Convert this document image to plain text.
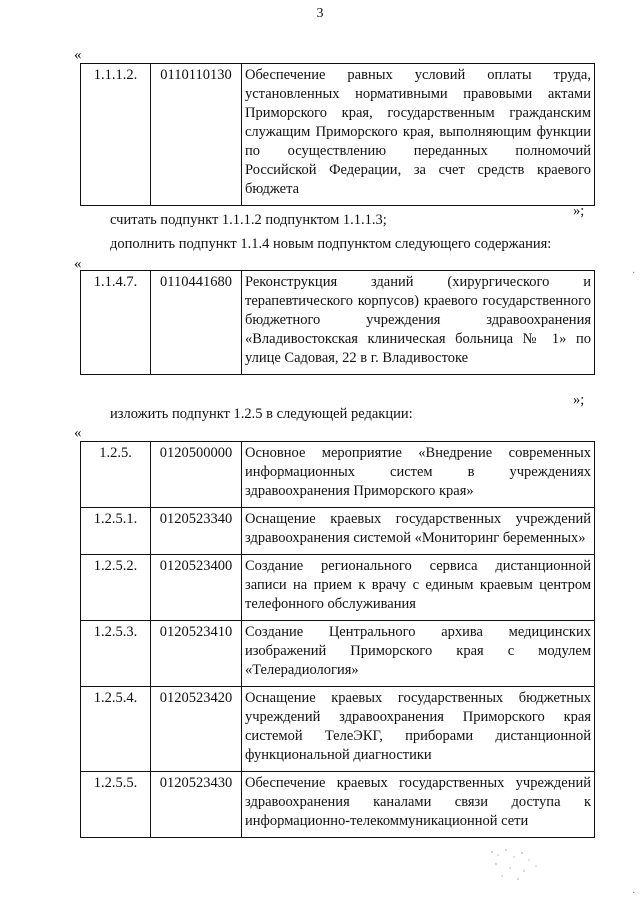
3
«
1.1.1.2.	0110110130	Обеспечение равных условий оплаты труда, установленных нормативными правовыми актами Приморского края, государственным гражданским служащим Приморского края, выполняющим функции по осуществлению переданных полномочий Российской Федерации, за счет средств краевого бюджета
»;
считать подпункт 1.1.1.2 подпунктом 1.1.1.3;
дополнить подпункт 1.1.4 новым подпунктом следующего содержания:
«
1.1.4.7.	0110441680	Реконструкция зданий (хирургического и терапевтического корпусов) краевого государственного бюджетного учреждения здравоохранения «Владивостокская клиническая больница № 1» по улице Садовая, 22 в г. Владивостоке
»;
изложить подпункт 1.2.5 в следующей редакции:
«
1.2.5.	0120500000	Основное мероприятие «Внедрение современных информационных систем в учреждениях здравоохранения Приморского края»
1.2.5.1.	0120523340	Оснащение краевых государственных учреждений здравоохранения системой «Мониторинг беременных»
1.2.5.2.	0120523400	Создание регионального сервиса дистанционной записи на прием к врачу с единым краевым центром телефонного обслуживания
1.2.5.3.	0120523410	Создание Центрального архива медицинских изображений Приморского края с модулем «Телерадиология»
1.2.5.4.	0120523420	Оснащение краевых государственных бюджетных учреждений здравоохранения Приморского края системой ТелеЭКГ, приборами дистанционной функциональной диагностики
1.2.5.5.	0120523430	Обеспечение краевых государственных учреждений здравоохранения каналами связи доступа к информационно-телекоммуникационной сети
·
·
